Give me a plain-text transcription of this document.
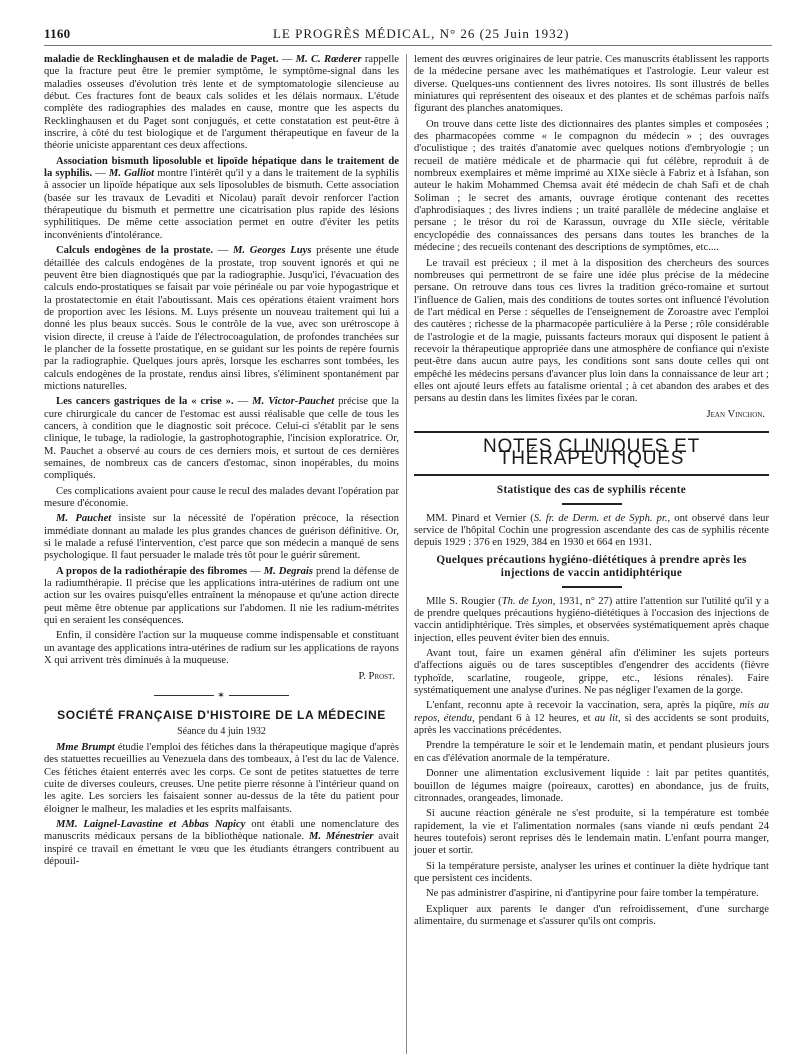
1160	LE PROGRÈS MÉDICAL, N° 26 (25 Juin 1932)

maladie de Recklinghausen et de maladie de Paget. — M. C. Rœderer rappelle que la fracture peut être le premier symptôme, le symptôme-signal dans les maladies osseuses d'évolution très lente et de symptomatologie silencieuse au début. Ces fractures font de beaux cals solides et les délais normaux. L'étude complète des radiographies des malades en cause, montre que les aspects du Recklinghausen et du Paget sont conjugués, et cette constatation est peut-être à inscrire, à côté du test biologique et de l'argument thérapeutique en faveur de la théorie uniciste apparentant ces deux affections.

Association bismuth liposoluble et lipoïde hépatique dans le traitement de la syphilis. — M. Galliot montre l'intérêt qu'il y a dans le traitement de la syphilis à associer un lipoïde hépatique aux sels liposolubles de bismuth. Cette association (basée sur les travaux de Levaditi et Nicolau) paraît devoir renforcer l'action thérapeutique du bismuth et permettre une cicatrisation plus rapide des lésions syphilitiques. De même cette association permet en outre d'éviter les petits inconvénients d'intolérance.

Calculs endogènes de la prostate. — M. Georges Luys présente une étude détaillée des calculs endogènes de la prostate, trop souvent ignorés et qui ne peuvent être bien diagnostiqués que par la radiographie. Jusqu'ici, l'évacuation des calculs endo-prostatiques se faisait par voie périnéale ou par voie hypogastrique et la prostatectomie en était l'aboutissant. Mais ces opérations étaient vraiment hors de proportion avec les lésions. M. Luys présente un nouveau traitement qui lui a donné les plus beaux succès. Sous le contrôle de la vue, avec son urétroscope à vision directe, il creuse à l'aide de l'électrocoagulation, de profondes tranchées sur le plancher de la fossette prostatique, en se guidant sur les points de repère fournis par la radiographie. Quelques jours après, lorsque les escharres sont tombées, les calculs endogènes de la prostate, rendus ainsi libres, s'éliminent spontanément par mictions naturelles.

Les cancers gastriques de la « crise ». — M. Victor-Pauchet précise que la cure chirurgicale du cancer de l'estomac est aussi réalisable que celle de tous les cancers, à condition que le diagnostic soit précoce. Celui-ci s'établit par le sens clinique, le tubage, la radiologie, la gastrophotographie, l'incision exploratrice. Or, M. Pauchet a observé au cours de ces derniers mois, et surtout de ces dernières semaines, de nombreux cas de cancers d'estomac, sinon inopérables, du moins compliqués.

Ces complications avaient pour cause le recul des malades devant l'opération par mesure d'économie.

M. Pauchet insiste sur la nécessité de l'opération précoce, la résection immédiate donnant au malade les plus grandes chances de guérison définitive. Or, si le malade a refusé l'intervention, c'est parce que son médecin a manqué de sens psychologique. Il faut persuader le malade très tôt pour le guérir sûrement.

A propos de la radiothérapie des fibromes — M. Degrais prend la défense de la radiumthérapie. Il précise que les applications intra-utérines de radium ont une action sur les ovaires puisqu'elles entraînent la ménopause et qu'une action directe peut même être obtenue par applications sur l'abdomen. Il nie les radium-métrites qui en seraient les conséquences.

Enfin, il considère l'action sur la muqueuse comme indispensable et constituant un avantage des applications intra-utérines de radium sur les applications de rayons X qui arrivent très diminués à la muqueuse.

P. Prost.

✶
SOCIÉTÉ FRANÇAISE D'HISTOIRE DE LA MÉDECINE

Séance du 4 juin 1932

Mme Brumpt étudie l'emploi des fétiches dans la thérapeutique magique d'après des statuettes recueillies au Venezuela dans des tombeaux, à l'est du lac de Valence. Ces fétiches étaient enterrés avec les corps. Ce sont de petites statuettes de terre cuite de diverses couleurs, creuses. Une petite pierre résonne à l'intérieur quand on les agite. Les sorciers les faisaient sonner au-dessus de la tête du patient pour éloigner le malheur, les maladies et les esprits malfaisants.

MM. Laignel-Lavastine et Abbas Napicy ont établi une nomenclature des manuscrits médicaux persans de la bibliothèque nationale. M. Ménestrier avait inspiré ce travail en émettant le vœu que les étudiants étrangers contribuent au dépouil-

lement des œuvres originaires de leur patrie. Ces manuscrits établissent les rapports de la médecine persane avec les mathématiques et l'astrologie. Leur valeur est diverse. Quelques-uns contiennent des livres notoires. Ils sont illustrés de belles miniatures qui représentent des oiseaux et des plantes et de schémas parfois naïfs figurant des planches anatomiques.

On trouve dans cette liste des dictionnaires des plantes simples et composées ; des pharmacopées comme « le compagnon du médecin » ; des ouvrages d'oculistique ; des traités d'anatomie avec quelques notions d'embryologie ; un recueil de matière médicale et de pharmacie qui fut célèbre, reproduit à de nombreux exemplaires et même imprimé au XIXe siècle à Fabriz et à Isfahan, son auteur le hakim Mohammed Chemsa avait été médecin de chah Safi et de chah Soliman ; le secret des amants, ouvrage érotique contenant des recettes d'aphrodisiaques ; des livres indiens ; un traité parallèle de médecine anglaise et persane ; le trésor du roi de Karassun, ouvrage du XIIe siècle, véritable encyclopédie des connaissances des persans dans toutes les branches de la médecine ; des recueils contenant des descriptions de symptômes, etc....

Le travail est précieux ; il met à la disposition des chercheurs des sources nombreuses qui permettront de se faire une idée plus précise de la médecine persane. On retrouve dans tous ces livres la tradition gréco-romaine et surtout l'influence de Galien, mais des conditions de toutes sortes ont influencé l'évolution de l'art médical en Perse : séquelles de l'enseignement de Zoroastre avec l'emploi des cautères ; richesse de la pharmacopée particulière à la Perse ; rôle considérable de l'astrologie et de la magie, puissants facteurs moraux qui disposent le patient à recevoir la thérapeutique appropriée dans une atmosphère de confiance qui n'existe peut-être dans aucun autre pays, les conditions sont sans doute celles qui ont empêché les médecins persans d'avancer plus loin dans la connaissance de leur art ; elles ont ajouté leurs effets au fatalisme oriental ; à cet abandon des arabes et des persans au destin dans les limites fixées par le coran.

Jean Vinchon.

NOTES CLINIQUES ET THÉRAPEUTIQUES
Statistique des cas de syphilis récente

MM. Pinard et Vernier (S. fr. de Derm. et de Syph. pr., ont observé dans leur service de l'hôpital Cochin une progression ascendante des cas de syphilis récente depuis 1929 : 376 en 1929, 384 en 1930 et 664 en 1931.

Quelques précautions hygiéno-diététiques à prendre après les injections de vaccin antidiphtérique

Mlle S. Rougier (Th. de Lyon, 1931, n° 27) attire l'attention sur l'utilité qu'il y a de prendre quelques précautions hygiéno-diététiques à l'occasion des injections de vaccin antidiphtérique. Très simples, et observées systématiquement après chaque injection, elles peuvent éviter bien des ennuis.

Avant tout, faire un examen général afin d'éliminer les sujets porteurs d'affections aiguës ou de tares susceptibles d'engendrer des accidents (fièvre typhoïde, scarlatine, rougeole, grippe, etc., lésions rénales). Faire systématiquement une analyse d'urines. Ne pas négliger l'examen de la gorge.

L'enfant, reconnu apte à recevoir la vaccination, sera, après la piqûre, mis au repos, étendu, pendant 6 à 12 heures, et au lit, si des accidents se sont produits, après les vaccinations précédentes.

Prendre la température le soir et le lendemain matin, et pendant plusieurs jours en cas d'élévation anormale de la température.

Donner une alimentation exclusivement liquide : lait par petites quantités, bouillon de légumes maigre (poireaux, carottes) en abondance, jus de fruits, citronnades, orangeades, limonade.

Si aucune réaction générale ne s'est produite, si la température est tombée rapidement, la vie et l'alimentation normales (sans viande ni œufs pendant 24 heures toutefois) seront reprises dès le lendemain matin. L'enfant pourra manger, jouer et sortir.

Si la température persiste, analyser les urines et continuer la diète hydrique tant que persistent ces incidents.

Ne pas administrer d'aspirine, ni d'antipyrine pour faire tomber la température.

Expliquer aux parents le danger d'un refroidissement, d'une surcharge alimentaire, du surmenage et s'assurer qu'ils ont compris.
